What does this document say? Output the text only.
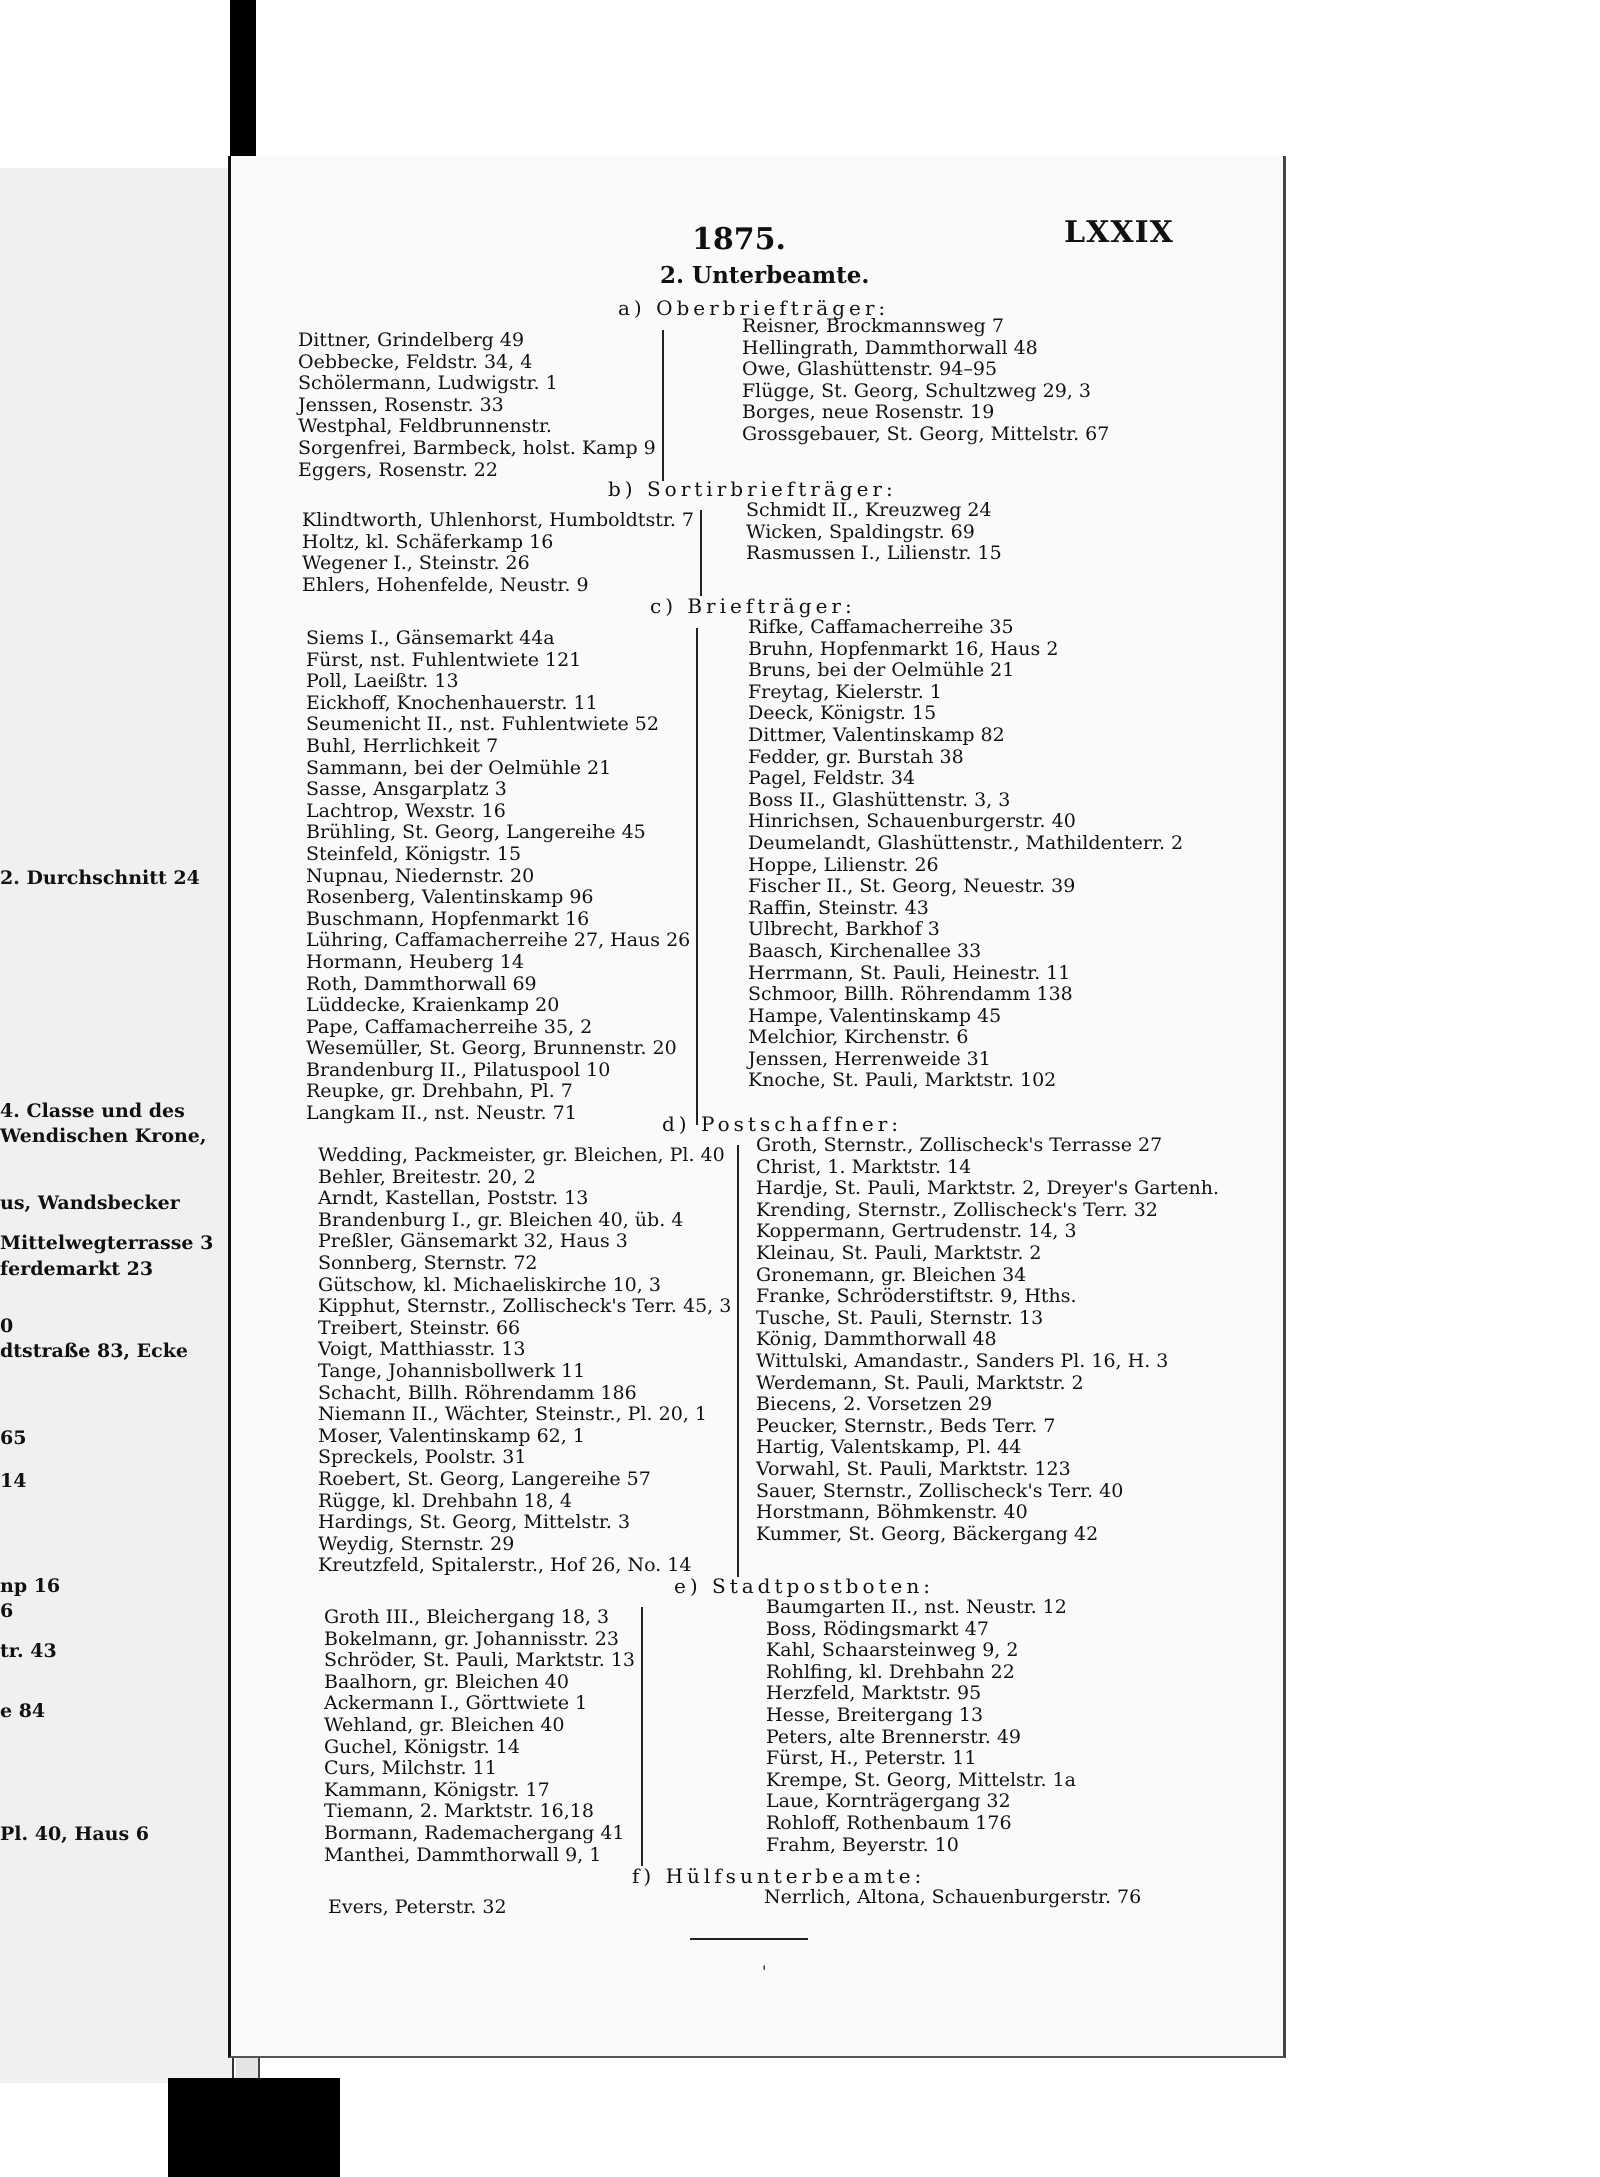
2. Durchschnitt 24
4. Classe und des
Wendischen Krone,
us, Wandsbecker
Mittelwegterrasse 3
ferdemarkt 23
0
dtstraße 83, Ecke
65
14
np 16
6
tr. 43
e 84
Pl. 40, Haus 6
1875.	LXXIX
2. Unterbeamte.
a) Oberbriefträger:
Dittner, Grindelberg 49
Oebbecke, Feldstr. 34, 4
Schölermann, Ludwigstr. 1
Jenssen, Rosenstr. 33
Westphal, Feldbrunnenstr.
Sorgenfrei, Barmbeck, holst. Kamp 9
Eggers, Rosenstr. 22
Reisner, Brockmannsweg 7
Hellingrath, Dammthorwall 48
Owe, Glashüttenstr. 94–95
Flügge, St. Georg, Schultzweg 29, 3
Borges, neue Rosenstr. 19
Grossgebauer, St. Georg, Mittelstr. 67
b) Sortirbriefträger:
Klindtworth, Uhlenhorst, Humboldtstr. 7
Holtz, kl. Schäferkamp 16
Wegener I., Steinstr. 26
Ehlers, Hohenfelde, Neustr. 9
Schmidt II., Kreuzweg 24
Wicken, Spaldingstr. 69
Rasmussen I., Lilienstr. 15
c) Briefträger:
Siems I., Gänsemarkt 44a
Fürst, nst. Fuhlentwiete 121
Poll, Laeißtr. 13
Eickhoff, Knochenhauerstr. 11
Seumenicht II., nst. Fuhlentwiete 52
Buhl, Herrlichkeit 7
Sammann, bei der Oelmühle 21
Sasse, Ansgarplatz 3
Lachtrop, Wexstr. 16
Brühling, St. Georg, Langereihe 45
Steinfeld, Königstr. 15
Nupnau, Niedernstr. 20
Rosenberg, Valentinskamp 96
Buschmann, Hopfenmarkt 16
Lühring, Caffamacherreihe 27, Haus 26
Hormann, Heuberg 14
Roth, Dammthorwall 69
Lüddecke, Kraienkamp 20
Pape, Caffamacherreihe 35, 2
Wesemüller, St. Georg, Brunnenstr. 20
Brandenburg II., Pilatuspool 10
Reupke, gr. Drehbahn, Pl. 7
Langkam II., nst. Neustr. 71
Rifke, Caffamacherreihe 35
Bruhn, Hopfenmarkt 16, Haus 2
Bruns, bei der Oelmühle 21
Freytag, Kielerstr. 1
Deeck, Königstr. 15
Dittmer, Valentinskamp 82
Fedder, gr. Burstah 38
Pagel, Feldstr. 34
Boss II., Glashüttenstr. 3, 3
Hinrichsen, Schauenburgerstr. 40
Deumelandt, Glashüttenstr., Mathildenterr. 2
Hoppe, Lilienstr. 26
Fischer II., St. Georg, Neuestr. 39
Raffin, Steinstr. 43
Ulbrecht, Barkhof 3
Baasch, Kirchenallee 33
Herrmann, St. Pauli, Heinestr. 11
Schmoor, Billh. Röhrendamm 138
Hampe, Valentinskamp 45
Melchior, Kirchenstr. 6
Jenssen, Herrenweide 31
Knoche, St. Pauli, Marktstr. 102
d) Postschaffner:
Wedding, Packmeister, gr. Bleichen, Pl. 40
Behler, Breitestr. 20, 2
Arndt, Kastellan, Poststr. 13
Brandenburg I., gr. Bleichen 40, üb. 4
Preßler, Gänsemarkt 32, Haus 3
Sonnberg, Sternstr. 72
Gütschow, kl. Michaeliskirche 10, 3
Kipphut, Sternstr., Zollischeck's Terr. 45, 3
Treibert, Steinstr. 66
Voigt, Matthiasstr. 13
Tange, Johannisbollwerk 11
Schacht, Billh. Röhrendamm 186
Niemann II., Wächter, Steinstr., Pl. 20, 1
Moser, Valentinskamp 62, 1
Spreckels, Poolstr. 31
Roebert, St. Georg, Langereihe 57
Rügge, kl. Drehbahn 18, 4
Hardings, St. Georg, Mittelstr. 3
Weydig, Sternstr. 29
Kreutzfeld, Spitalerstr., Hof 26, No. 14
Groth, Sternstr., Zollischeck's Terrasse 27
Christ, 1. Marktstr. 14
Hardje, St. Pauli, Marktstr. 2, Dreyer's Gartenh.
Krending, Sternstr., Zollischeck's Terr. 32
Koppermann, Gertrudenstr. 14, 3
Kleinau, St. Pauli, Marktstr. 2
Gronemann, gr. Bleichen 34
Franke, Schröderstiftstr. 9, Hths.
Tusche, St. Pauli, Sternstr. 13
König, Dammthorwall 48
Wittulski, Amandastr., Sanders Pl. 16, H. 3
Werdemann, St. Pauli, Marktstr. 2
Biecens, 2. Vorsetzen 29
Peucker, Sternstr., Beds Terr. 7
Hartig, Valentskamp, Pl. 44
Vorwahl, St. Pauli, Marktstr. 123
Sauer, Sternstr., Zollischeck's Terr. 40
Horstmann, Böhmkenstr. 40
Kummer, St. Georg, Bäckergang 42
e) Stadtpostboten:
Groth III., Bleichergang 18, 3
Bokelmann, gr. Johannisstr. 23
Schröder, St. Pauli, Marktstr. 13
Baalhorn, gr. Bleichen 40
Ackermann I., Görttwiete 1
Wehland, gr. Bleichen 40
Guchel, Königstr. 14
Curs, Milchstr. 11
Kammann, Königstr. 17
Tiemann, 2. Marktstr. 16,18
Bormann, Rademachergang 41
Manthei, Dammthorwall 9, 1
Baumgarten II., nst. Neustr. 12
Boss, Rödingsmarkt 47
Kahl, Schaarsteinweg 9, 2
Rohlfing, kl. Drehbahn 22
Herzfeld, Marktstr. 95
Hesse, Breitergang 13
Peters, alte Brennerstr. 49
Fürst, H., Peterstr. 11
Krempe, St. Georg, Mittelstr. 1a
Laue, Kornträgergang 32
Rohloff, Rothenbaum 176
Frahm, Beyerstr. 10
f) Hülfsunterbeamte:
Evers, Peterstr. 32	Nerrlich, Altona, Schauenburgerstr. 76
'
